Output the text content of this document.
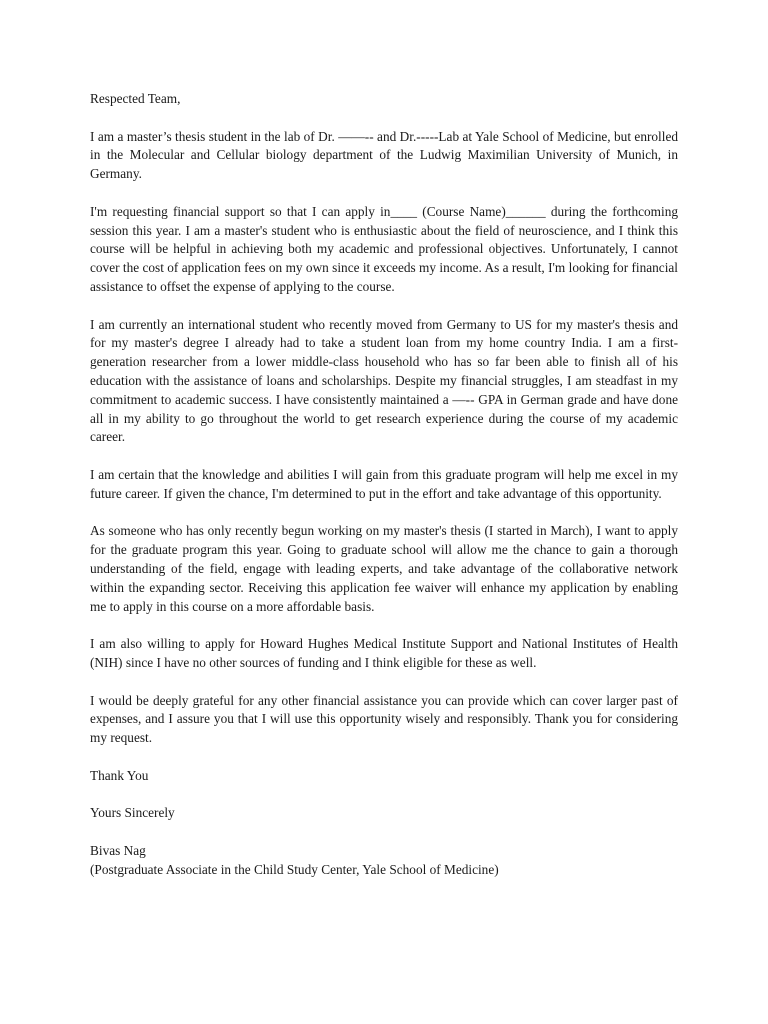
Respected Team,

I am a master’s thesis student in the lab of Dr. ——-- and Dr.-----Lab at Yale School of Medicine, but enrolled in the Molecular and Cellular biology department of the Ludwig Maximilian University of Munich, in Germany.

I'm requesting financial support so that I can apply in____ (Course Name)______ during the forthcoming session this year. I am a master's student who is enthusiastic about the field of neuroscience, and I think this course will be helpful in achieving both my academic and professional objectives. Unfortunately, I cannot cover the cost of application fees on my own since it exceeds my income. As a result, I'm looking for financial assistance to offset the expense of applying to the course.

I am currently an international student who recently moved from Germany to US for my master's thesis and for my master's degree I already had to take a student loan from my home country India. I am a first-generation researcher from a lower middle-class household who has so far been able to finish all of his education with the assistance of loans and scholarships. Despite my financial struggles, I am steadfast in my commitment to academic success. I have consistently maintained a —-- GPA in German grade and have done all in my ability to go throughout the world to get research experience during the course of my academic career.

I am certain that the knowledge and abilities I will gain from this graduate program will help me excel in my future career. If given the chance, I'm determined to put in the effort and take advantage of this opportunity.

As someone who has only recently begun working on my master's thesis (I started in March), I want to apply for the graduate program this year. Going to graduate school will allow me the chance to gain a thorough understanding of the field, engage with leading experts, and take advantage of the collaborative network within the expanding sector. Receiving this application fee waiver will enhance my application by enabling me to apply in this course on a more affordable basis.

I am also willing to apply for Howard Hughes Medical Institute Support and National Institutes of Health (NIH) since I have no other sources of funding and I think eligible for these as well.

I would be deeply grateful for any other financial assistance you can provide which can cover larger past of expenses, and I assure you that I will use this opportunity wisely and responsibly. Thank you for considering my request.

Thank You

Yours Sincerely

Bivas Nag
(Postgraduate Associate in the Child Study Center, Yale School of Medicine)
